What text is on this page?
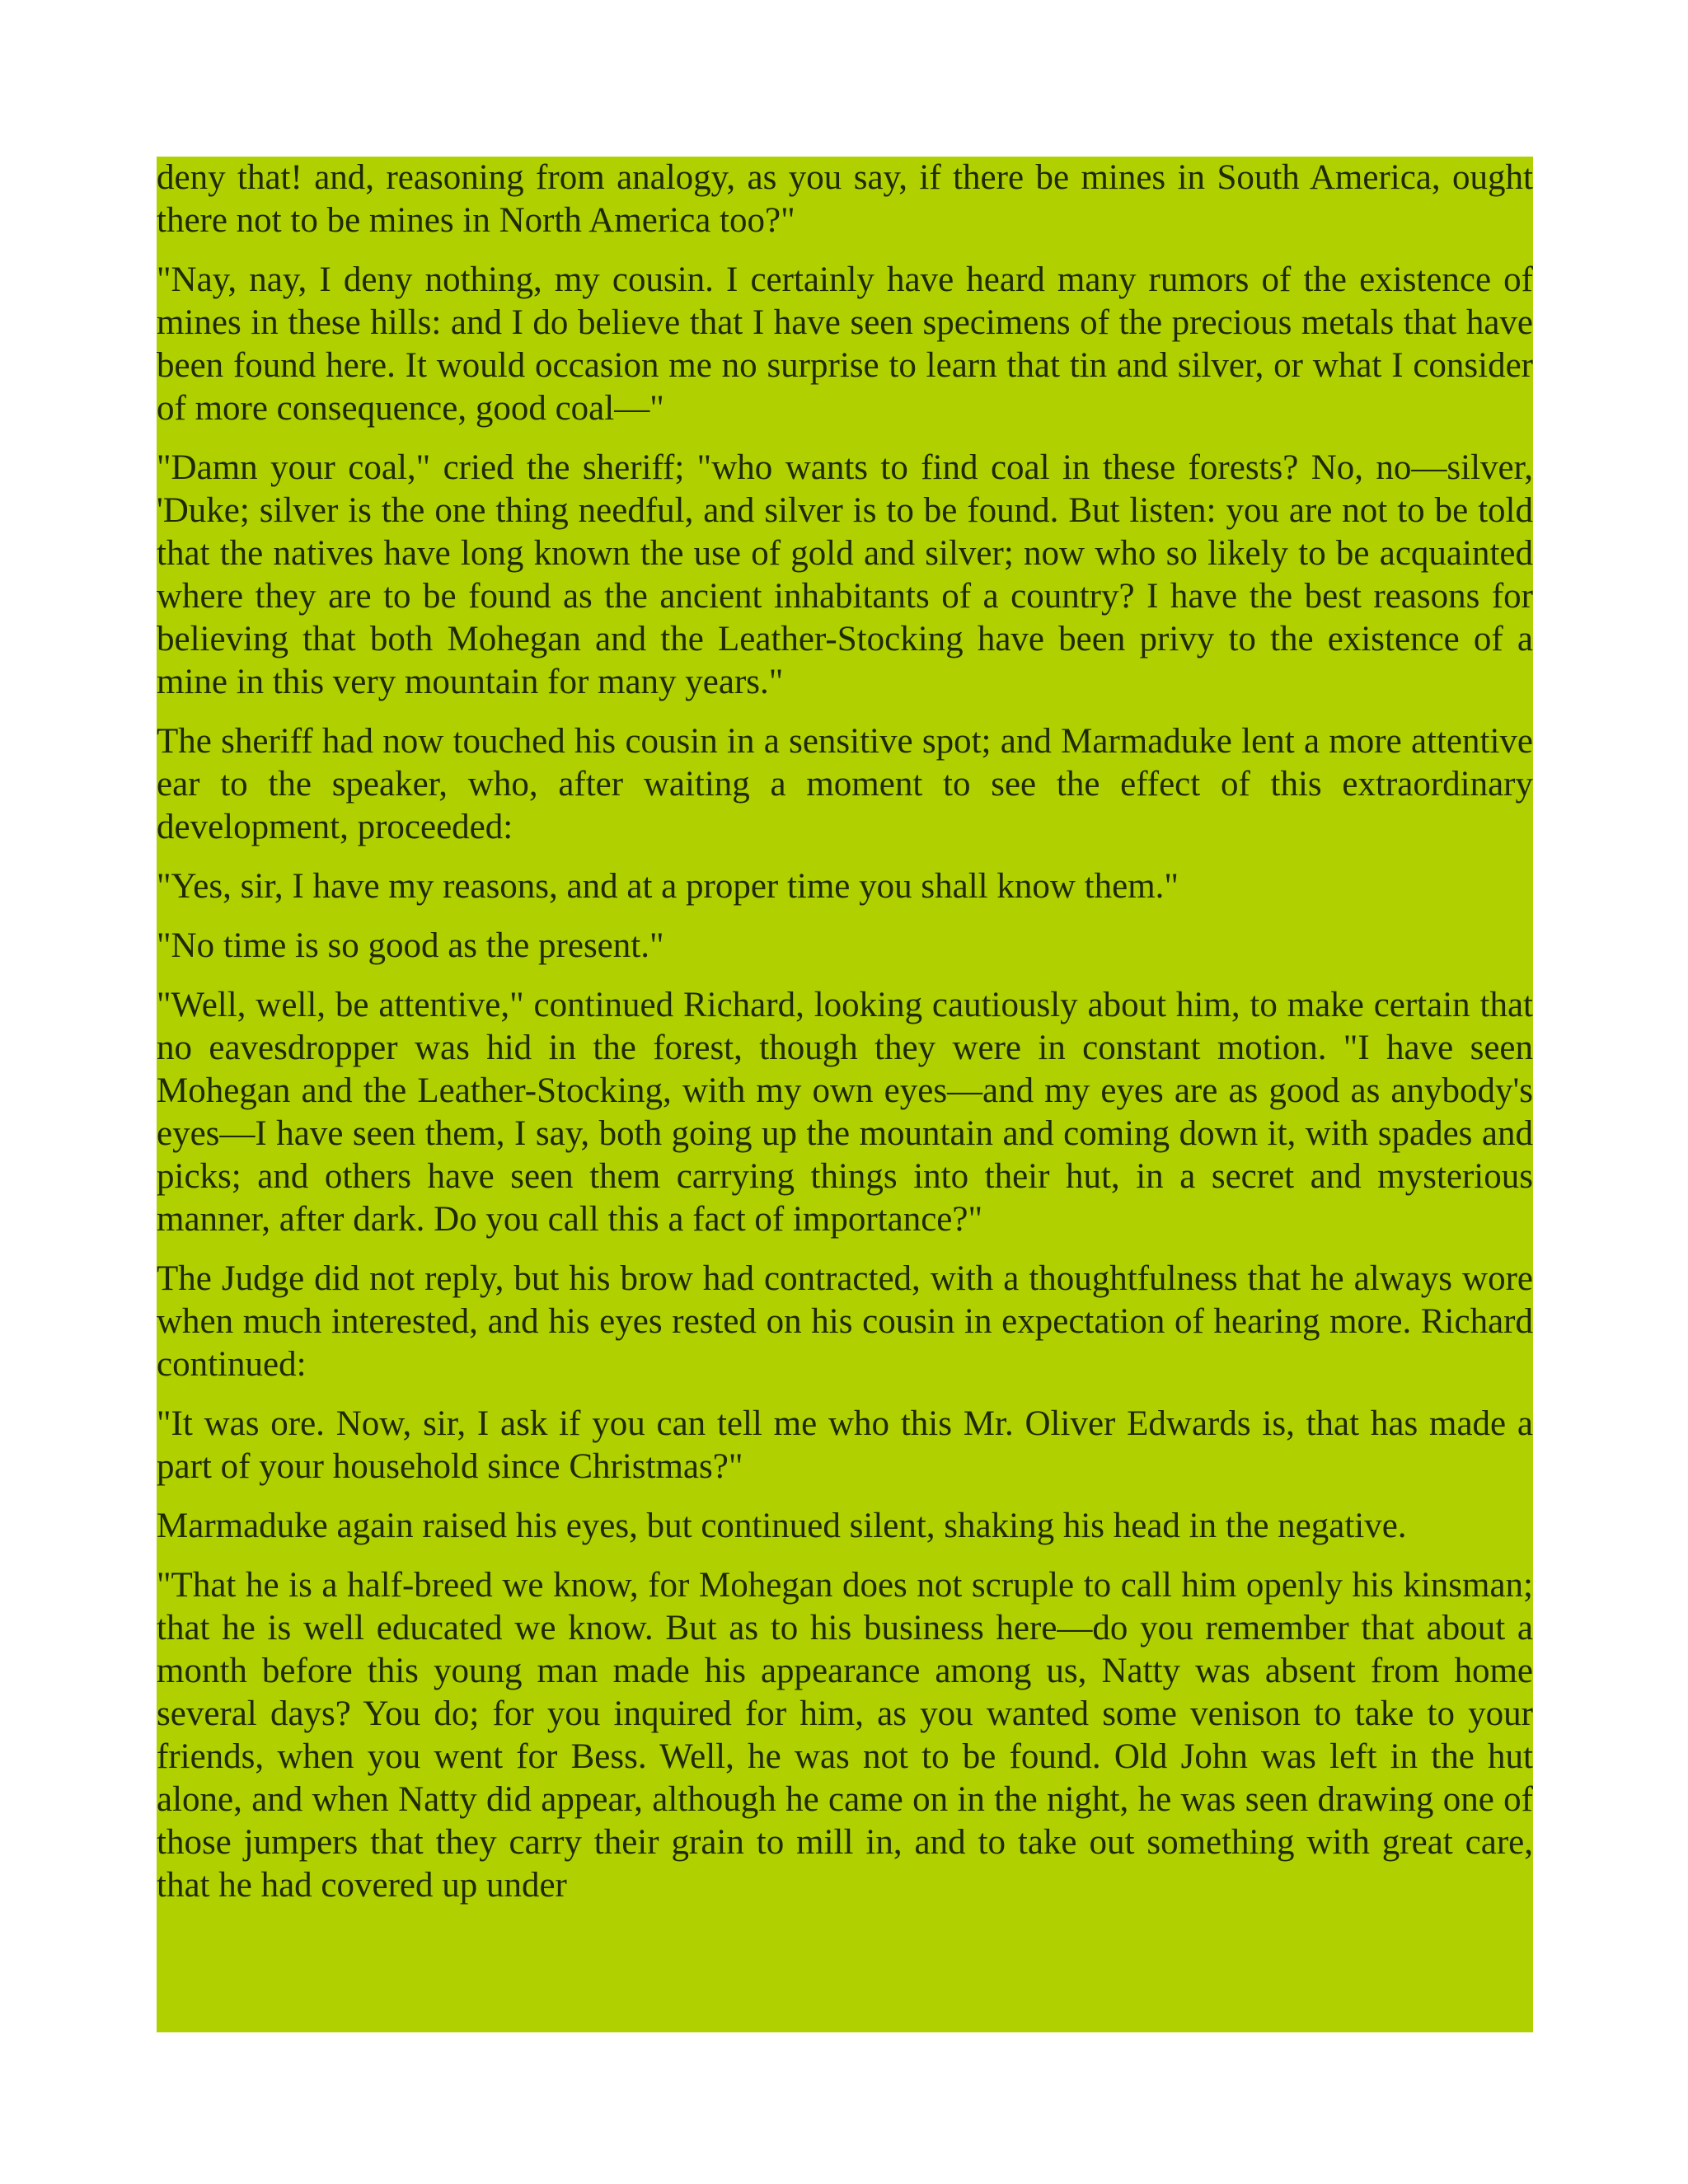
deny that! and, reasoning from analogy, as you say, if there be mines in South America, ought there not to be mines in North America too?"

"Nay, nay, I deny nothing, my cousin. I certainly have heard many rumors of the existence of mines in these hills: and I do believe that I have seen specimens of the precious metals that have been found here. It would occasion me no surprise to learn that tin and silver, or what I consider of more consequence, good coal—"

"Damn your coal," cried the sheriff; "who wants to find coal in these forests? No, no—silver, 'Duke; silver is the one thing needful, and silver is to be found. But listen: you are not to be told that the natives have long known the use of gold and silver; now who so likely to be acquainted where they are to be found as the ancient inhabitants of a country? I have the best reasons for believing that both Mohegan and the Leather-Stocking have been privy to the existence of a mine in this very mountain for many years."

The sheriff had now touched his cousin in a sensitive spot; and Marmaduke lent a more attentive ear to the speaker, who, after waiting a moment to see the effect of this extraordinary development, proceeded:

"Yes, sir, I have my reasons, and at a proper time you shall know them."

"No time is so good as the present."

"Well, well, be attentive," continued Richard, looking cautiously about him, to make certain that no eavesdropper was hid in the forest, though they were in constant motion. "I have seen Mohegan and the Leather-Stocking, with my own eyes—and my eyes are as good as anybody's eyes—I have seen them, I say, both going up the mountain and coming down it, with spades and picks; and others have seen them carrying things into their hut, in a secret and mysterious manner, after dark. Do you call this a fact of importance?"

The Judge did not reply, but his brow had contracted, with a thoughtfulness that he always wore when much interested, and his eyes rested on his cousin in expectation of hearing more. Richard continued:

"It was ore. Now, sir, I ask if you can tell me who this Mr. Oliver Edwards is, that has made a part of your household since Christmas?"

Marmaduke again raised his eyes, but continued silent, shaking his head in the negative.

"That he is a half-breed we know, for Mohegan does not scruple to call him openly his kinsman; that he is well educated we know. But as to his business here—do you remember that about a month before this young man made his appearance among us, Natty was absent from home several days? You do; for you inquired for him, as you wanted some venison to take to your friends, when you went for Bess. Well, he was not to be found. Old John was left in the hut alone, and when Natty did appear, although he came on in the night, he was seen drawing one of those jumpers that they carry their grain to mill in, and to take out something with great care, that he had covered up under
